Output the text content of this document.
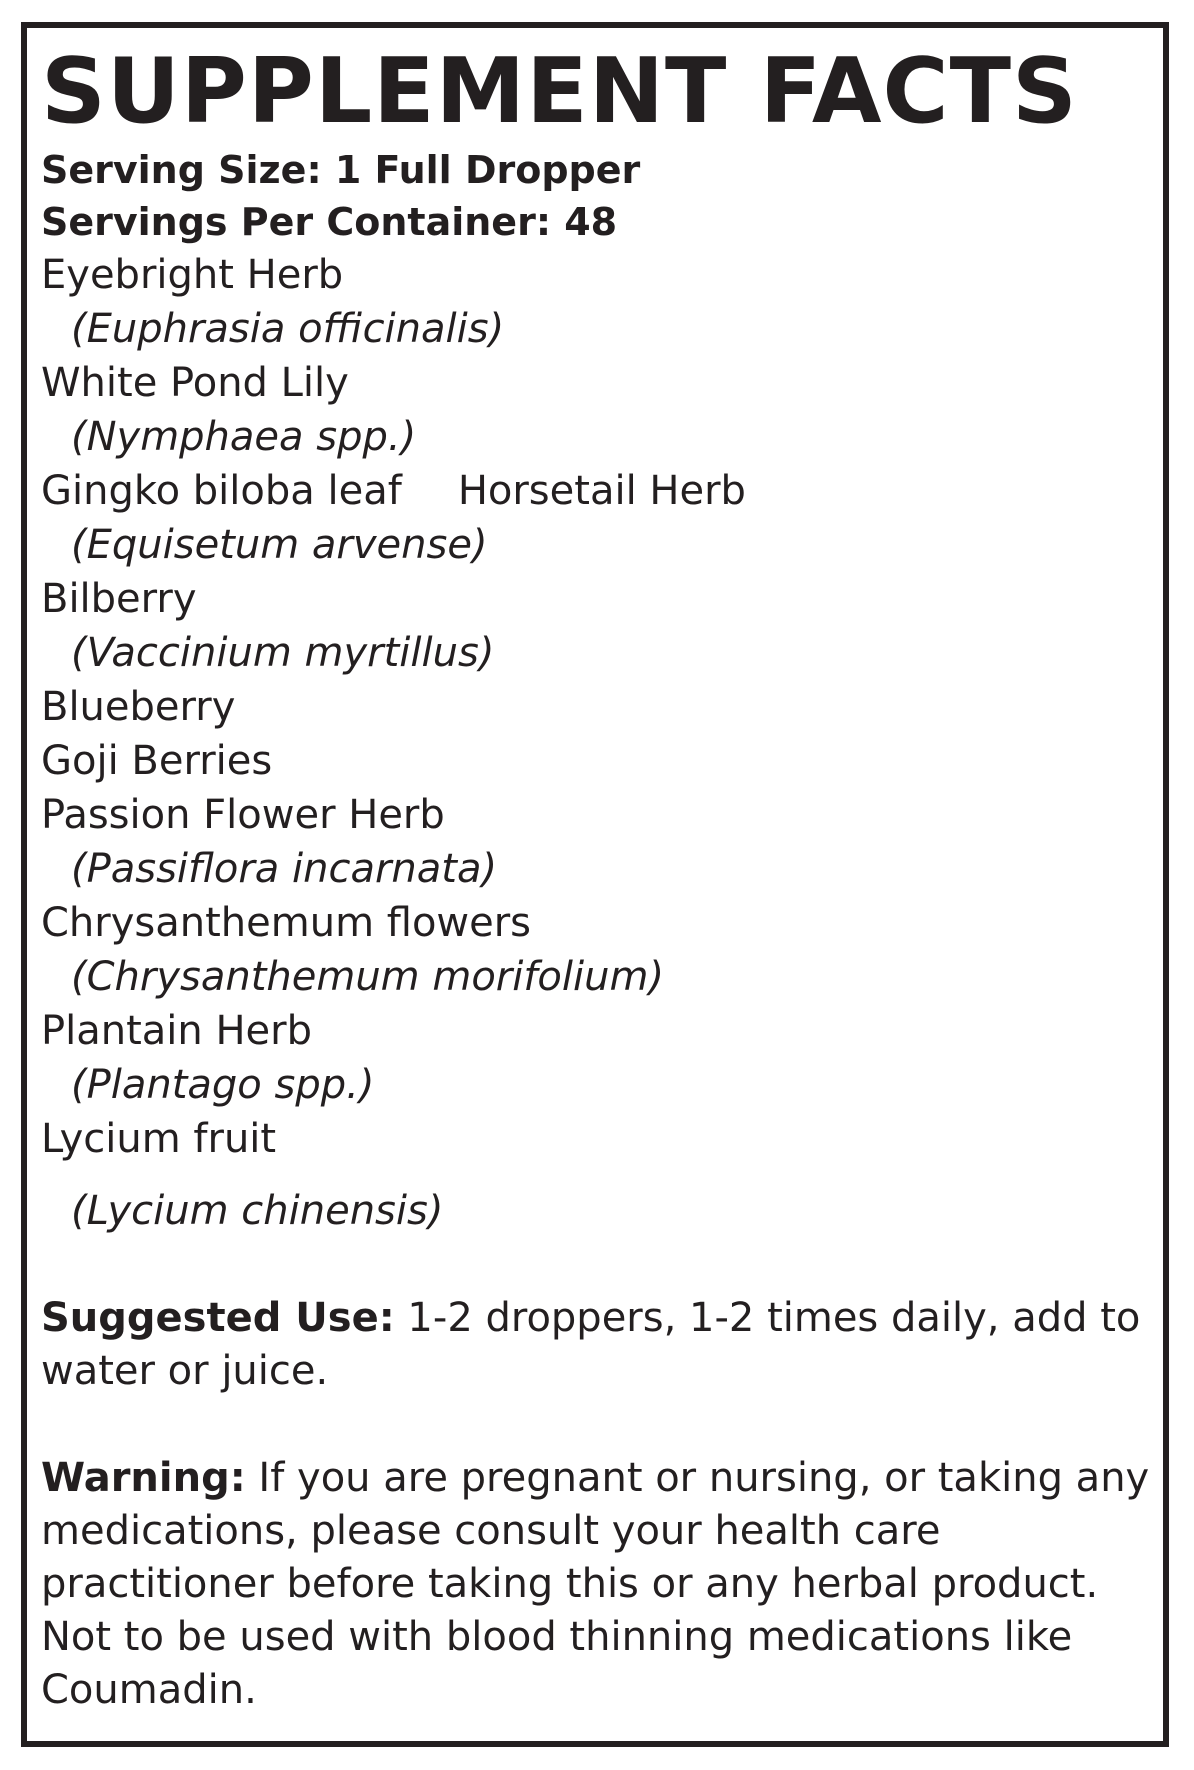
SUPPLEMENT FACTS
Serving Size: 1 Full Dropper
Servings Per Container: 48
Eyebright Herb
(Euphrasia officinalis)
White Pond Lily
(Nymphaea spp.)
Gingko biloba leaf Horsetail Herb
(Equisetum arvense)
Bilberry
(Vaccinium myrtillus)
Blueberry
Goji Berries
Passion Flower Herb
(Passiflora incarnata)
Chrysanthemum flowers
(Chrysanthemum morifolium)
Plantain Herb
(Plantago spp.)
Lycium fruit
(Lycium chinensis)
Suggested Use: 1-2 droppers, 1-2 times daily, add to water or juice.
Warning: If you are pregnant or nursing, or taking any medications, please consult your health care practitioner before taking this or any herbal product. Not to be used with blood thinning medications like Coumadin.
